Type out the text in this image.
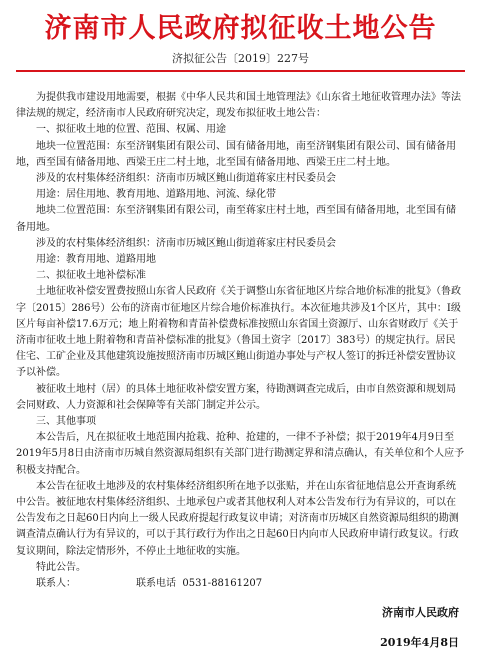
济南市人民政府拟征收土地公告
济拟征公告〔2019〕227号

为提供我市建设用地需要，根据《中华人民共和国土地管理法》《山东省土地征收管理办法》等法律法规的规定，经济南市人民政府研究决定，现发布拟征收土地公告：

一、拟征收土地的位置、范围、权属、用途

地块一位置范围：东至济钢集团有限公司、国有储备用地，南至济钢集团有限公司、国有储备用地，西至国有储备用地、西梁王庄二村土地，北至国有储备用地、西梁王庄二村土地。

涉及的农村集体经济组织：济南市历城区鲍山街道蒋家庄村民委员会

用途：居住用地、教育用地、道路用地、河流、绿化带

地块二位置范围：东至济钢集团有限公司，南至蒋家庄村土地，西至国有储备用地，北至国有储备用地。

涉及的农村集体经济组织：济南市历城区鲍山街道蒋家庄村民委员会

用途：教育用地、道路用地

二、拟征收土地补偿标准

土地征收补偿安置费按照山东省人民政府《关于调整山东省征地区片综合地价标准的批复》（鲁政字〔2015〕286号）公布的济南市征地区片综合地价标准执行。本次征地共涉及1个区片，其中：Ⅰ级区片每亩补偿17.6万元；地上附着物和青苗补偿费标准按照山东省国土资源厅、山东省财政厅《关于济南市征收土地上附着物和青苗补偿标准的批复》（鲁国土资字〔2017〕383号）的规定执行。居民住宅、工矿企业及其他建筑设施按照济南市历城区鲍山街道办事处与产权人签订的拆迁补偿安置协议予以补偿。

被征收土地村（居）的具体土地征收补偿安置方案，待勘测调查完成后，由市自然资源和规划局会同财政、人力资源和社会保障等有关部门制定并公示。

三、其他事项

本公告后，凡在拟征收土地范围内抢栽、抢种、抢建的，一律不予补偿；拟于2019年4月9日至2019年5月8日由济南市历城自然资源局组织有关部门进行勘测定界和清点确认，有关单位和个人应予积极支持配合。

本公告在征收土地涉及的农村集体经济组织所在地予以张贴，并在山东省征地信息公开查询系统中公告。被征地农村集体经济组织、土地承包户或者其他权利人对本公告发布行为有异议的，可以在公告发布之日起60日内向上一级人民政府提起行政复议申请；对济南市历城区自然资源局组织的勘测调查清点确认行为有异议的，可以于其行政行为作出之日起60日内向市人民政府申请行政复议。行政复议期间，除法定情形外，不停止土地征收的实施。

特此公告。

联系人：	联系电话 0531-88161207

济南市人民政府
2019年4月8日
